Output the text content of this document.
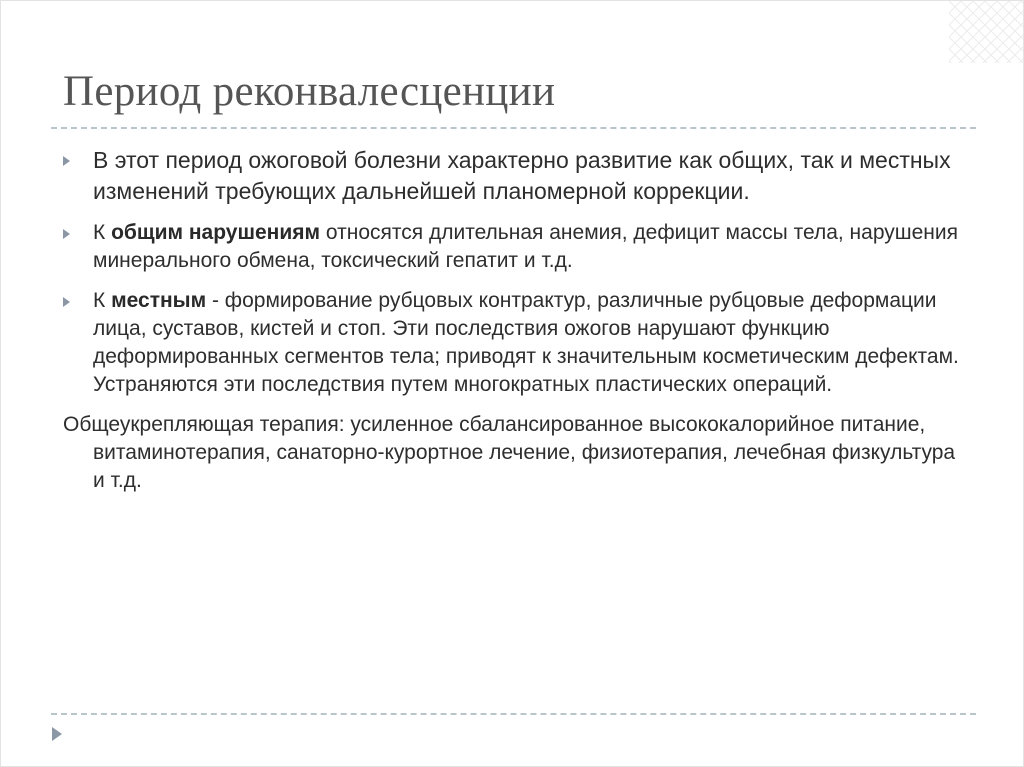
Период реконвалесценции
В этот период ожоговой болезни характерно развитие как общих, так и местных изменений требующих дальнейшей планомерной коррекции.
К общим нарушениям относятся длительная анемия, дефицит массы тела, нарушения минерального обмена, токсический гепатит и т.д.
К местным - формирование рубцовых контрактур, различные рубцовые деформации лица, суставов, кистей и стоп. Эти последствия ожогов нарушают функцию деформированных сегментов тела; приводят к значительным косметическим дефектам. Устраняются эти последствия путем многократных пластических операций.
Общеукрепляющая терапия: усиленное сбалансированное высококалорийное питание, витаминотерапия, санаторно-курортное лечение, физиотерапия, лечебная физкультура и т.д.
